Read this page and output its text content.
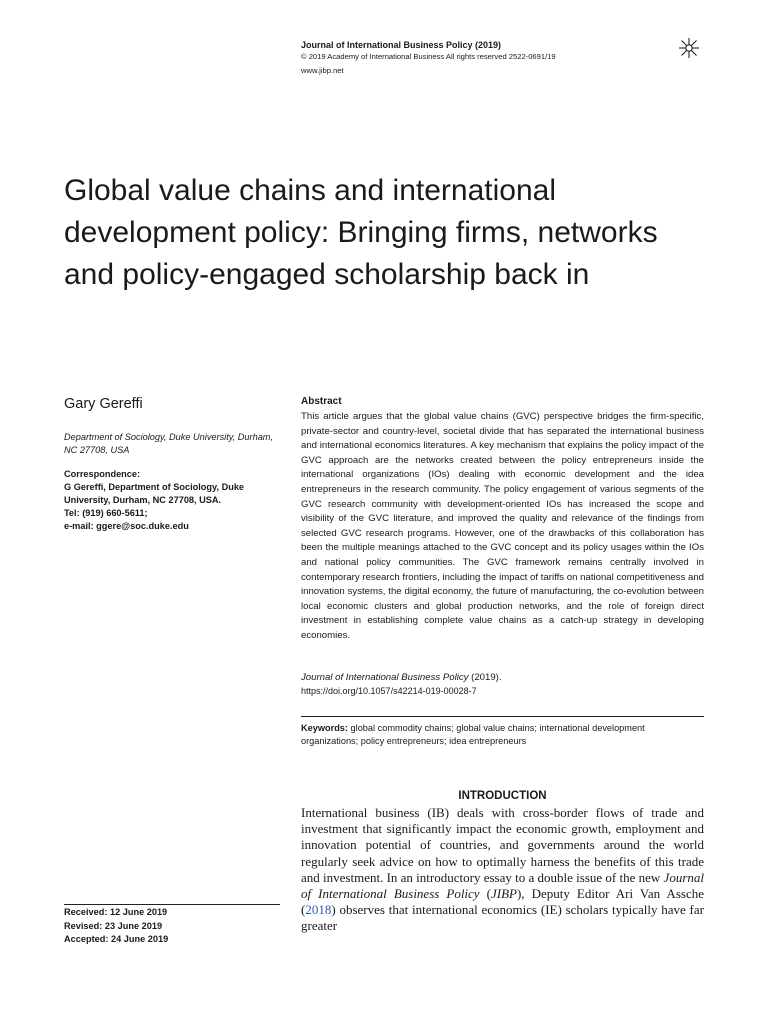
Journal of International Business Policy (2019)
© 2019 Academy of International Business All rights reserved 2522-0691/19
www.jibp.net
Global value chains and international development policy: Bringing firms, networks and policy-engaged scholarship back in
Gary Gereffi
Department of Sociology, Duke University, Durham, NC 27708, USA
Correspondence:
G Gereffi, Department of Sociology, Duke
University, Durham, NC 27708, USA.
Tel: (919) 660-5611;
e-mail: ggere@soc.duke.edu
Abstract
This article argues that the global value chains (GVC) perspective bridges the firm-specific, private-sector and country-level, societal divide that has separated the international business and international economics literatures. A key mechanism that explains the policy impact of the GVC approach are the networks created between the policy entrepreneurs inside the international organizations (IOs) dealing with economic development and the idea entrepreneurs in the research community. The policy engagement of various segments of the GVC research community with development-oriented IOs has increased the scope and visibility of the GVC literature, and improved the quality and relevance of the findings from selected GVC research programs. However, one of the drawbacks of this collaboration has been the multiple meanings attached to the GVC concept and its policy usages within the IOs and national policy communities. The GVC framework remains centrally involved in contemporary research frontiers, including the impact of tariffs on national competitiveness and innovation systems, the digital economy, the future of manufacturing, the co-evolution between local economic clusters and global production networks, and the role of foreign direct investment in establishing complete value chains as a catch-up strategy in developing economies.
Journal of International Business Policy (2019).
https://doi.org/10.1057/s42214-019-00028-7
Keywords: global commodity chains; global value chains; international development organizations; policy entrepreneurs; idea entrepreneurs
INTRODUCTION
International business (IB) deals with cross-border flows of trade and investment that significantly impact the economic growth, employment and innovation potential of countries, and governments around the world regularly seek advice on how to optimally harness the benefits of this trade and investment. In an introductory essay to a double issue of the new Journal of International Business Policy (JIBP), Deputy Editor Ari Van Assche (2018) observes that international economics (IE) scholars typically have far greater
Received: 12 June 2019
Revised: 23 June 2019
Accepted: 24 June 2019
